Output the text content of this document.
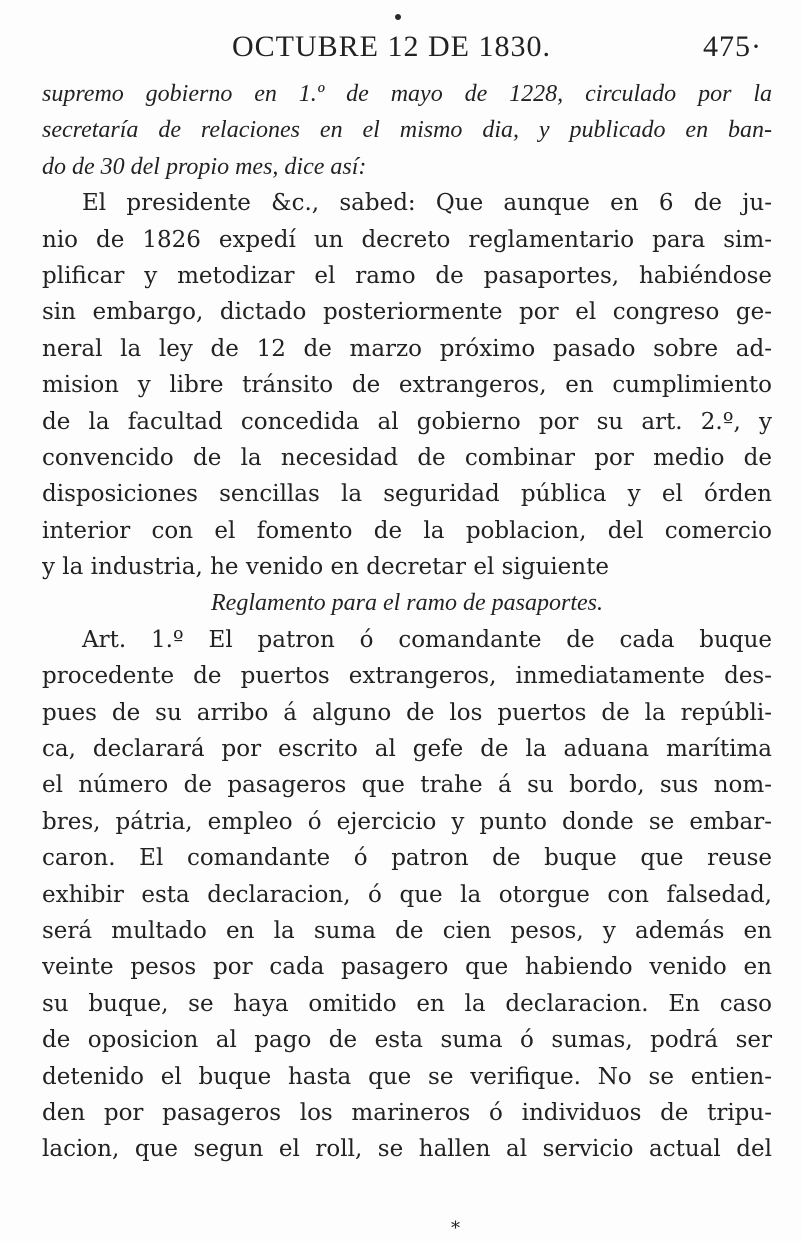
OCTUBRE 12 DE 1830.	475·
supremo gobierno en 1.º de mayo de 1228, circulado por la
secretaría de relaciones en el mismo dia, y publicado en ban-
do de 30 del propio mes, dice así:
El presidente &c., sabed: Que aunque en 6 de ju-
nio de 1826 expedí un decreto reglamentario para sim-
plificar y metodizar el ramo de pasaportes, habiéndose
sin embargo, dictado posteriormente por el congreso ge-
neral la ley de 12 de marzo próximo pasado sobre ad-
mision y libre tránsito de extrangeros, en cumplimiento
de la facultad concedida al gobierno por su art. 2.º, y
convencido de la necesidad de combinar por medio de
disposiciones sencillas la seguridad pública y el órden
interior con el fomento de la poblacion, del comercio
y la industria, he venido en decretar el siguiente
Reglamento para el ramo de pasaportes.
Art. 1.º El patron ó comandante de cada buque
procedente de puertos extrangeros, inmediatamente des-
pues de su arribo á alguno de los puertos de la repúbli-
ca, declarará por escrito al gefe de la aduana marítima
el número de pasageros que trahe á su bordo, sus nom-
bres, pátria, empleo ó ejercicio y punto donde se embar-
caron. El comandante ó patron de buque que reuse
exhibir esta declaracion, ó que la otorgue con falsedad,
será multado en la suma de cien pesos, y además en
veinte pesos por cada pasagero que habiendo venido en
su buque, se haya omitido en la declaracion. En caso
de oposicion al pago de esta suma ó sumas, podrá ser
detenido el buque hasta que se verifique. No se entien-
den por pasageros los marineros ó individuos de tripu-
lacion, que segun el roll, se hallen al servicio actual del
*
